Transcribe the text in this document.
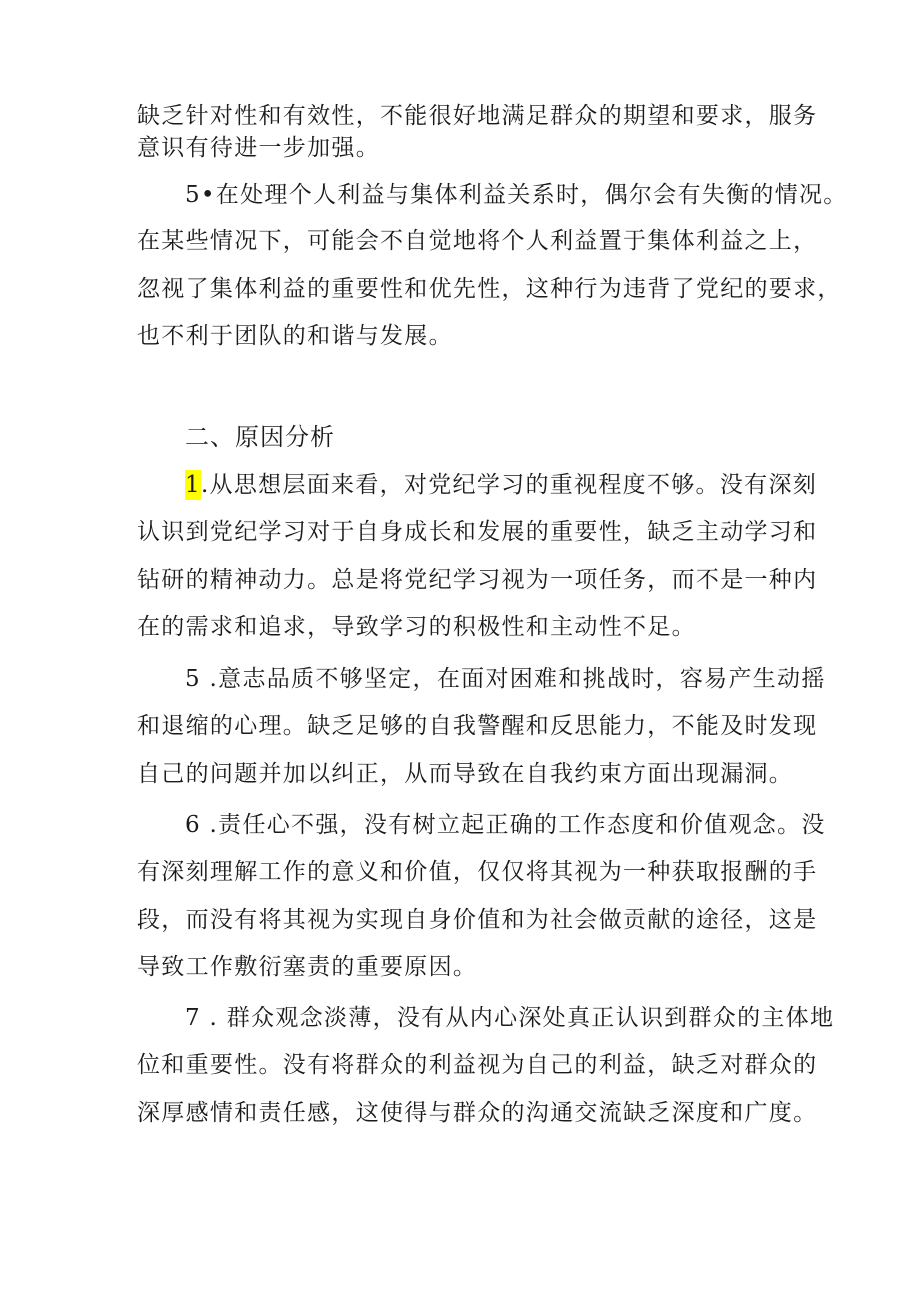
缺乏针对性和有效性，不能很好地满足群众的期望和要求，服务
意识有待进一步加强。
5•在处理个人利益与集体利益关系时，偶尔会有失衡的情况。
在某些情况下，可能会不自觉地将个人利益置于集体利益之上，
忽视了集体利益的重要性和优先性，这种行为违背了党纪的要求，
也不利于团队的和谐与发展。
二、原因分析
1.从思想层面来看，对党纪学习的重视程度不够。没有深刻
认识到党纪学习对于自身成长和发展的重要性，缺乏主动学习和
钻研的精神动力。总是将党纪学习视为一项任务，而不是一种内
在的需求和追求，导致学习的积极性和主动性不足。
5 .意志品质不够坚定，在面对困难和挑战时，容易产生动摇
和退缩的心理。缺乏足够的自我警醒和反思能力，不能及时发现
自己的问题并加以纠正，从而导致在自我约束方面出现漏洞。
6 .责任心不强，没有树立起正确的工作态度和价值观念。没
有深刻理解工作的意义和价值，仅仅将其视为一种获取报酬的手
段，而没有将其视为实现自身价值和为社会做贡献的途径，这是
导致工作敷衍塞责的重要原因。
7 . 群众观念淡薄，没有从内心深处真正认识到群众的主体地
位和重要性。没有将群众的利益视为自己的利益，缺乏对群众的
深厚感情和责任感，这使得与群众的沟通交流缺乏深度和广度。
